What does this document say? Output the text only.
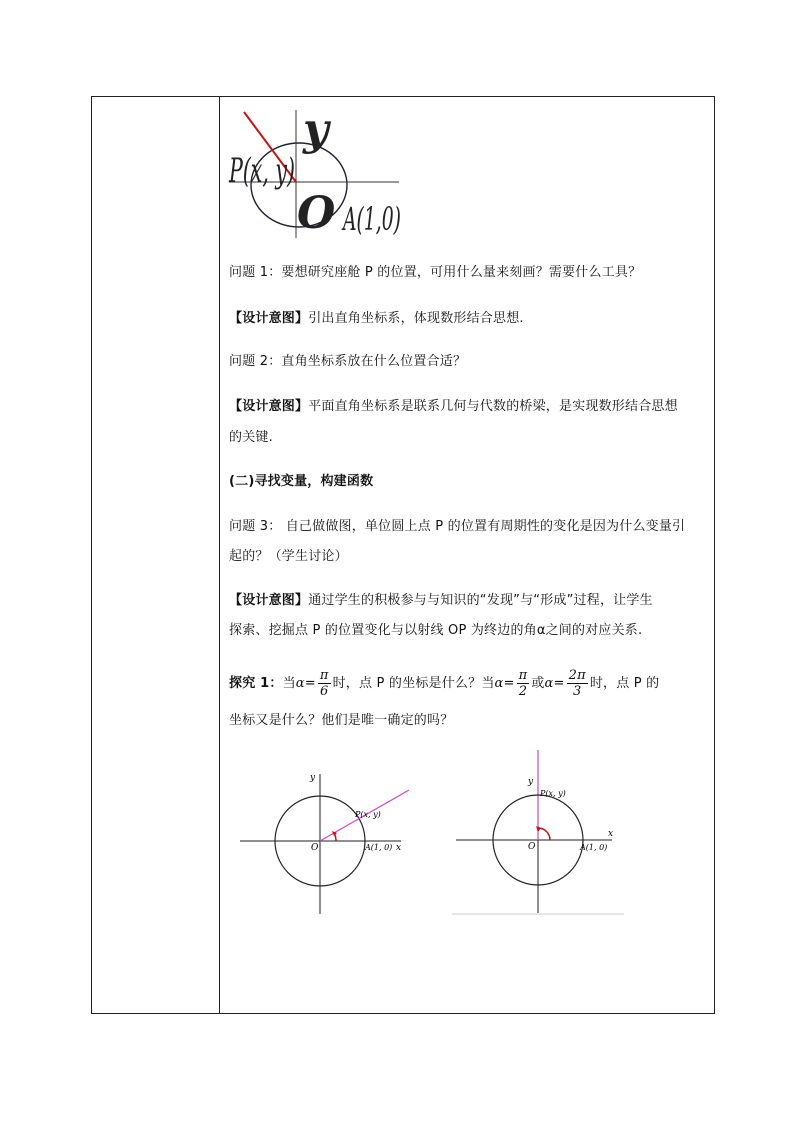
P(x, y)
y
O A(1,0)
问题 1：要想研究座舱 P 的位置，可用什么量来刻画？需要什么工具？
【设计意图】引出直角坐标系，体现数形结合思想.
问题 2：直角坐标系放在什么位置合适？
【设计意图】平面直角坐标系是联系几何与代数的桥梁，是实现数形结合思想
的关键.
(二)寻找变量，构建函数
问题 3： 自己做做图，单位圆上点 P 的位置有周期性的变化是因为什么变量引
起的？（学生讨论）
【设计意图】通过学生的积极参与与知识的“发现”与“形成”过程，让学生
探索、挖掘点 P 的位置变化与以射线 OP 为终边的角α之间的对应关系.
探究 1：当$\alpha= \frac{\pi}{6}$ 时，点 P 的坐标是什么？当$\alpha= \frac{\pi}{2}$ 或$\alpha= \frac{2\pi}{3}$ 时，点 P 的
坐标又是什么？他们是唯一确定的吗？
y
x
O
P(x, y)
A(1, 0)
y
x
O
P(x, y)
A(1, 0)
